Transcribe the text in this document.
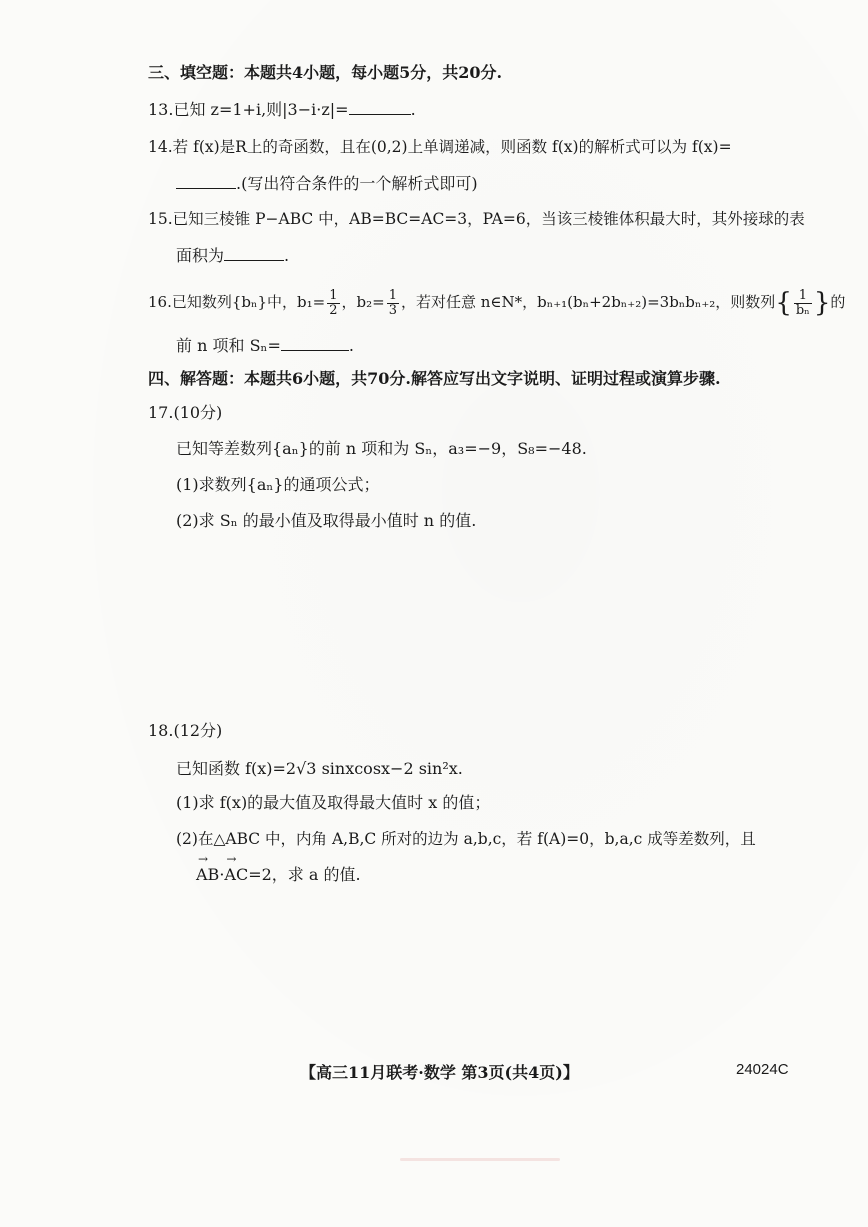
三、填空题：本题共4小题，每小题5分，共20分.
13.已知 z=1+i,则|3−i·z|=	.
14.若 f(x)是R上的奇函数，且在(0,2)上单调递减，则函数 f(x)的解析式可以为 f(x)=
.(写出符合条件的一个解析式即可)
15.已知三棱锥 P−ABC 中，AB=BC=AC=3，PA=6，当该三棱锥体积最大时，其外接球的表
面积为	.
16.已知数列{bₙ}中，$b_1= \frac{1}{2}$ ，$b_2= \frac{1}{3}$ ，若对任意 n∈N*，bₙ₊₁(bₙ+2bₙ₊₂)=3bₙbₙ₊₂，则数列{ $\frac{1}{\text{bₙ}}$ }的
前 n 项和 Sₙ=	.
四、解答题：本题共6小题，共70分.解答应写出文字说明、证明过程或演算步骤.
17.(10分)
已知等差数列{aₙ}的前 n 项和为 Sₙ，a₃=−9，S₈=−48.
(1)求数列{aₙ}的通项公式；
(2)求 Sₙ 的最小值及取得最小值时 n 的值.
18.(12分)
已知函数 f(x)=2√3 sinxcosx−2 sin²x.
(1)求 f(x)的最大值及取得最大值时 x 的值；
(2)在△ABC 中，内角 A,B,C 所对的边为 a,b,c，若 f(A)=0，b,a,c 成等差数列，且
→ AB·→ AC=2，求 a 的值.
【高三11月联考·数学 第3页(共4页)】	24024C
